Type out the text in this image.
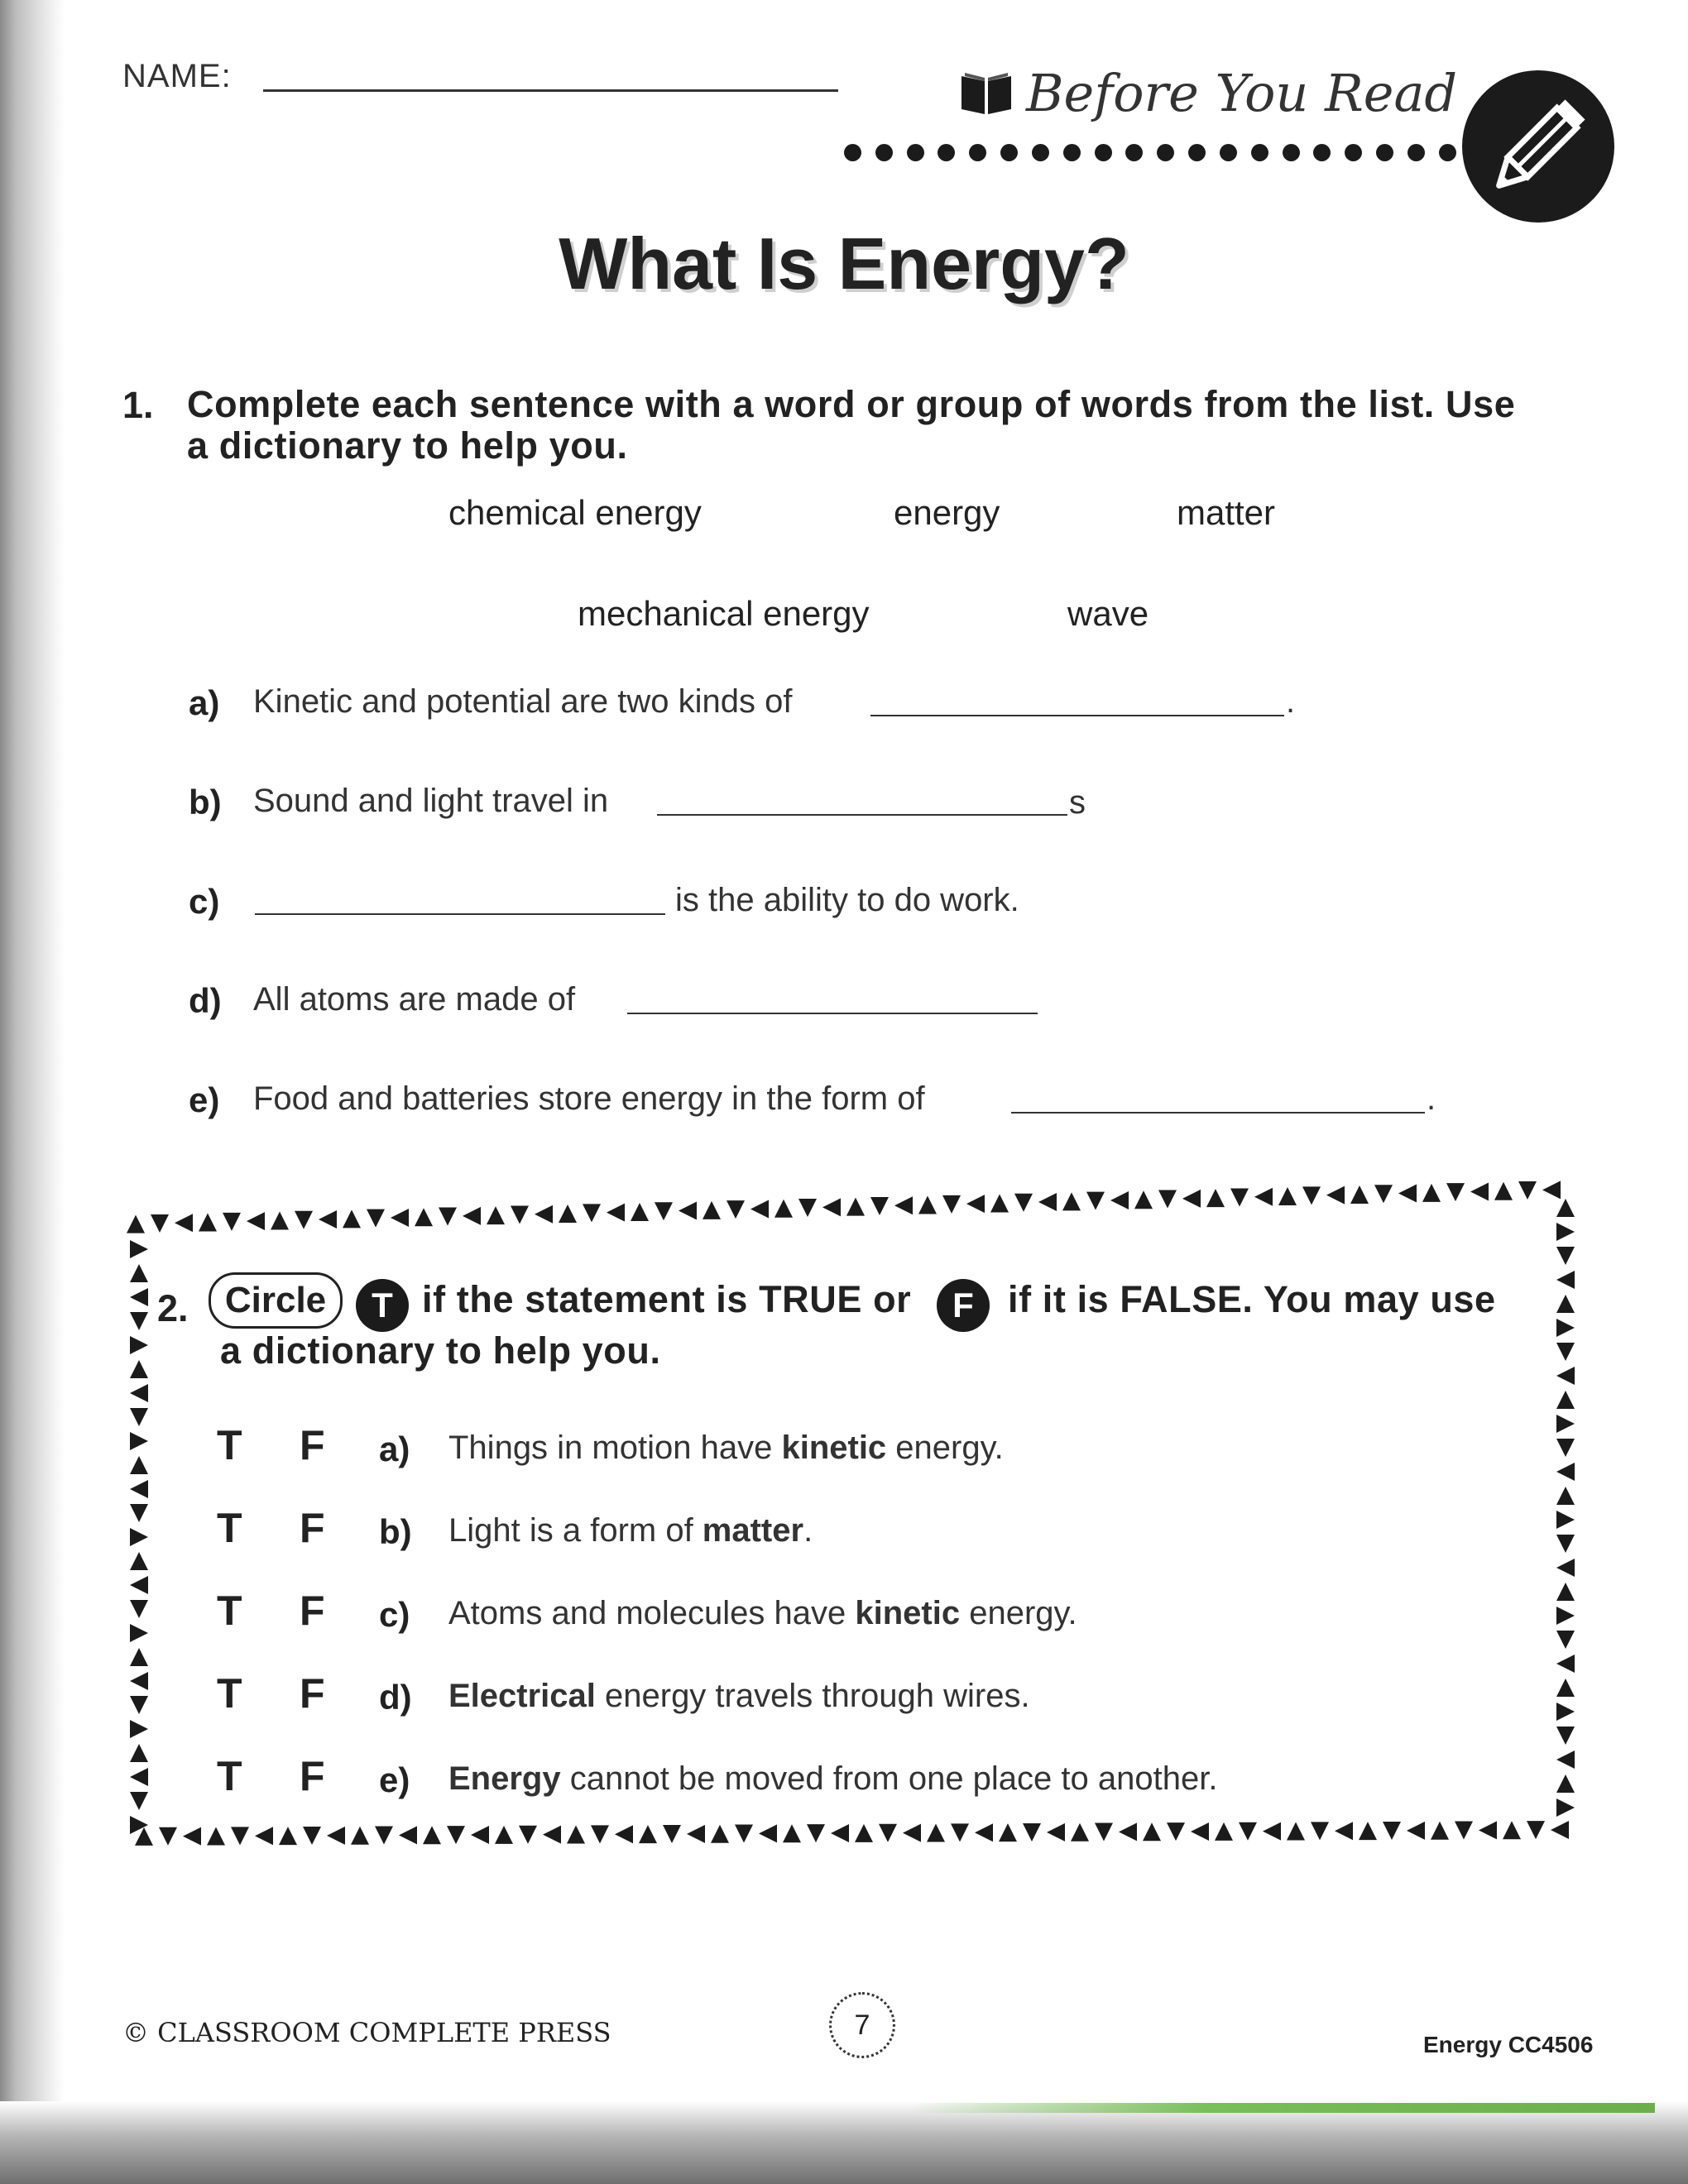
NAME:	Before You Read
What Is Energy?
1. Complete each sentence with a word or group of words from the list. Use
a dictionary to help you.
chemical energy	energy	matter
mechanical energy	wave
a) Kinetic and potential are two kinds of	.
b) Sound and light travel in	s
c)	is the ability to do work.
d) All atoms are made of
e) Food and batteries store energy in the form of	.
2.	Circle	T if the statement is TRUE or	F if it is FALSE. You may use
a dictionary to help you.
T F a) Things in motion have kinetic energy.
T F b) Light is a form of matter.
T F c) Atoms and molecules have kinetic energy.
T F d) Electrical energy travels through wires.
T F e) Energy cannot be moved from one place to another.
© CLASSROOM COMPLETE PRESS	7
Energy CC4506
